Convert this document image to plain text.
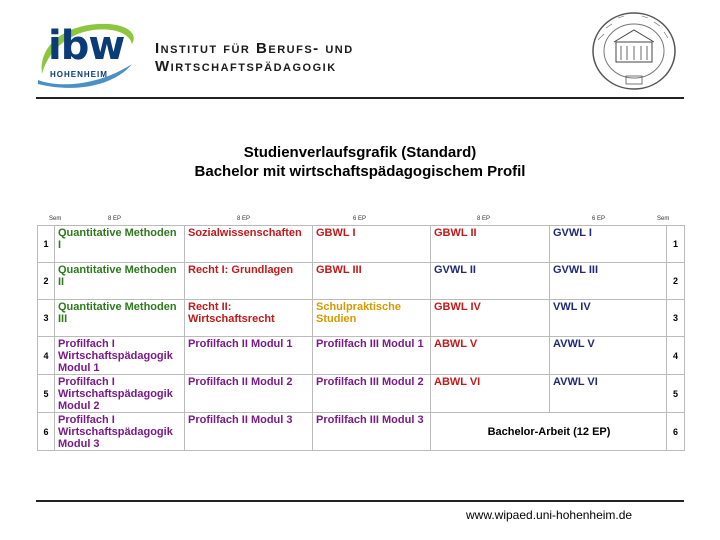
ibw
HOHENHEIM
Institut für Berufs- und
Wirtschaftspädagogik
Studienverlaufsgrafik (Standard)
Bachelor mit wirtschaftspädagogischem Profil
Sem	8 EP	8 EP	6 EP	8 EP	6 EP	Sem
1	Quantitative Methoden I	Sozialwissenschaften	GBWL I	GBWL II	GVWL I	1
2	Quantitative Methoden II	Recht I: Grundlagen	GBWL III	GVWL II	GVWL III	2
3	Quantitative Methoden III	Recht II: Wirtschaftsrecht	Schulpraktische Studien	GBWL IV	VWL IV	3
4	Profilfach I Wirtschaftspädagogik Modul 1	Profilfach II Modul 1	Profilfach III Modul 1	ABWL V	AVWL V	4
5	Profilfach I Wirtschaftspädagogik Modul 2	Profilfach II Modul 2	Profilfach III Modul 2	ABWL VI	AVWL VI	5
6	Profilfach I Wirtschaftspädagogik Modul 3	Profilfach II Modul 3	Profilfach III Modul 3	Bachelor-Arbeit (12 EP)		6
www.wipaed.uni-hohenheim.de
